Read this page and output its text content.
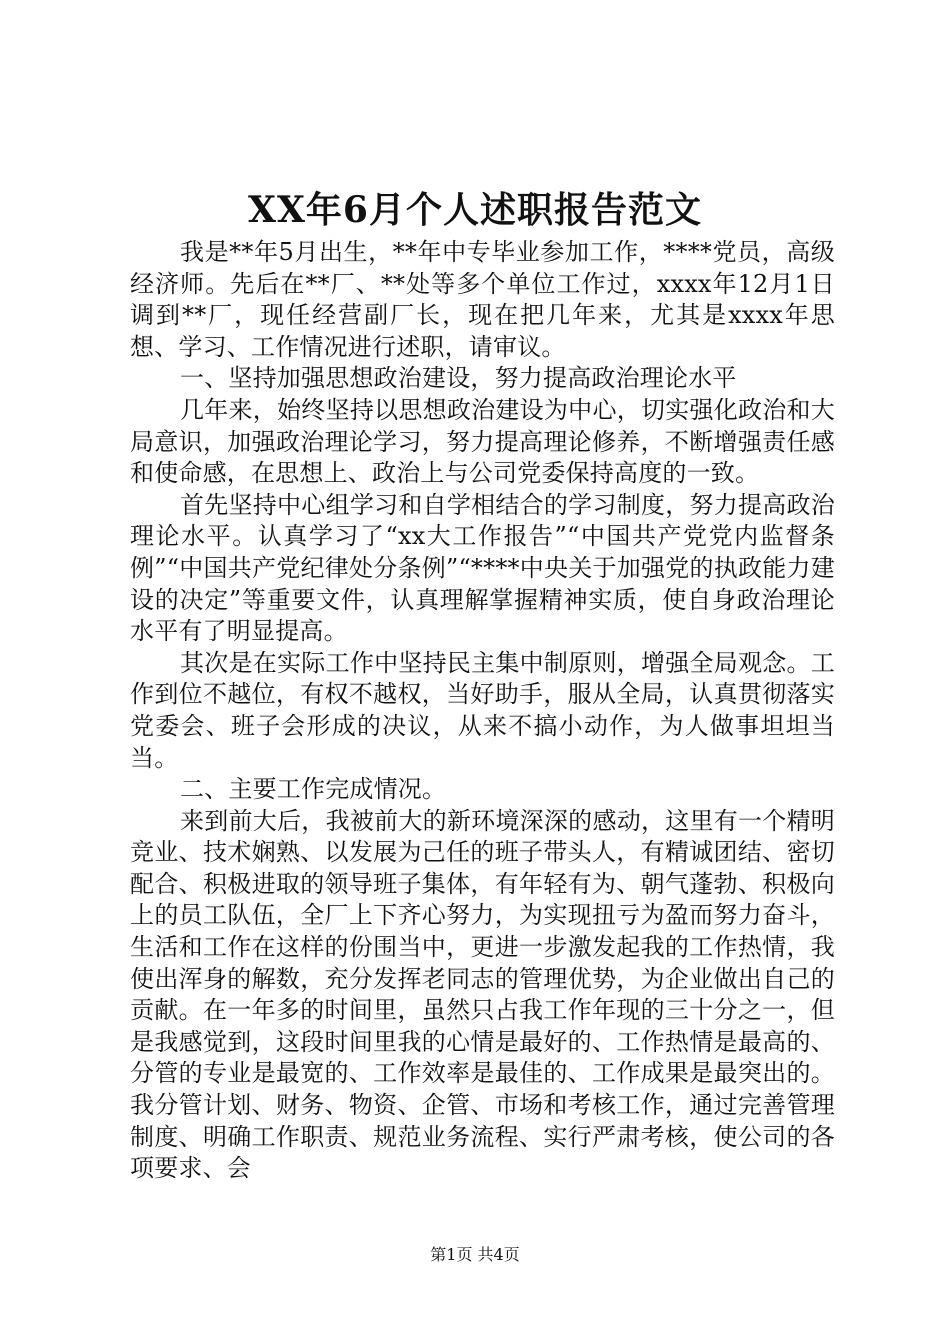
XX年6月个人述职报告范文

我是**年5月出生，**年中专毕业参加工作，****党员，高级经济师。先后在**厂、**处等多个单位工作过，xxxx年12月1日调到**厂，现任经营副厂长，现在把几年来，尤其是xxxx年思想、学习、工作情况进行述职，请审议。

一、坚持加强思想政治建设，努力提高政治理论水平

几年来，始终坚持以思想政治建设为中心，切实强化政治和大局意识，加强政治理论学习，努力提高理论修养，不断增强责任感和使命感，在思想上、政治上与公司党委保持高度的一致。

首先坚持中心组学习和自学相结合的学习制度，努力提高政治理论水平。认真学习了“xx大工作报告”“中国共产党党内监督条例”“中国共产党纪律处分条例”“****中央关于加强党的执政能力建设的决定”等重要文件，认真理解掌握精神实质，使自身政治理论水平有了明显提高。

其次是在实际工作中坚持民主集中制原则，增强全局观念。工作到位不越位，有权不越权，当好助手，服从全局，认真贯彻落实党委会、班子会形成的决议，从来不搞小动作，为人做事坦坦当当。

二、主要工作完成情况。

来到前大后，我被前大的新环境深深的感动，这里有一个精明竞业、技术娴熟、以发展为己任的班子带头人，有精诚团结、密切配合、积极进取的领导班子集体，有年轻有为、朝气蓬勃、积极向上的员工队伍，全厂上下齐心努力，为实现扭亏为盈而努力奋斗，生活和工作在这样的份围当中，更进一步激发起我的工作热情，我使出浑身的解数，充分发挥老同志的管理优势，为企业做出自己的贡献。在一年多的时间里，虽然只占我工作年现的三十分之一，但是我感觉到，这段时间里我的心情是最好的、工作热情是最高的、分管的专业是最宽的、工作效率是最佳的、工作成果是最突出的。我分管计划、财务、物资、企管、市场和考核工作，通过完善管理制度、明确工作职责、规范业务流程、实行严肃考核，使公司的各项要求、会

第1页 共4页
